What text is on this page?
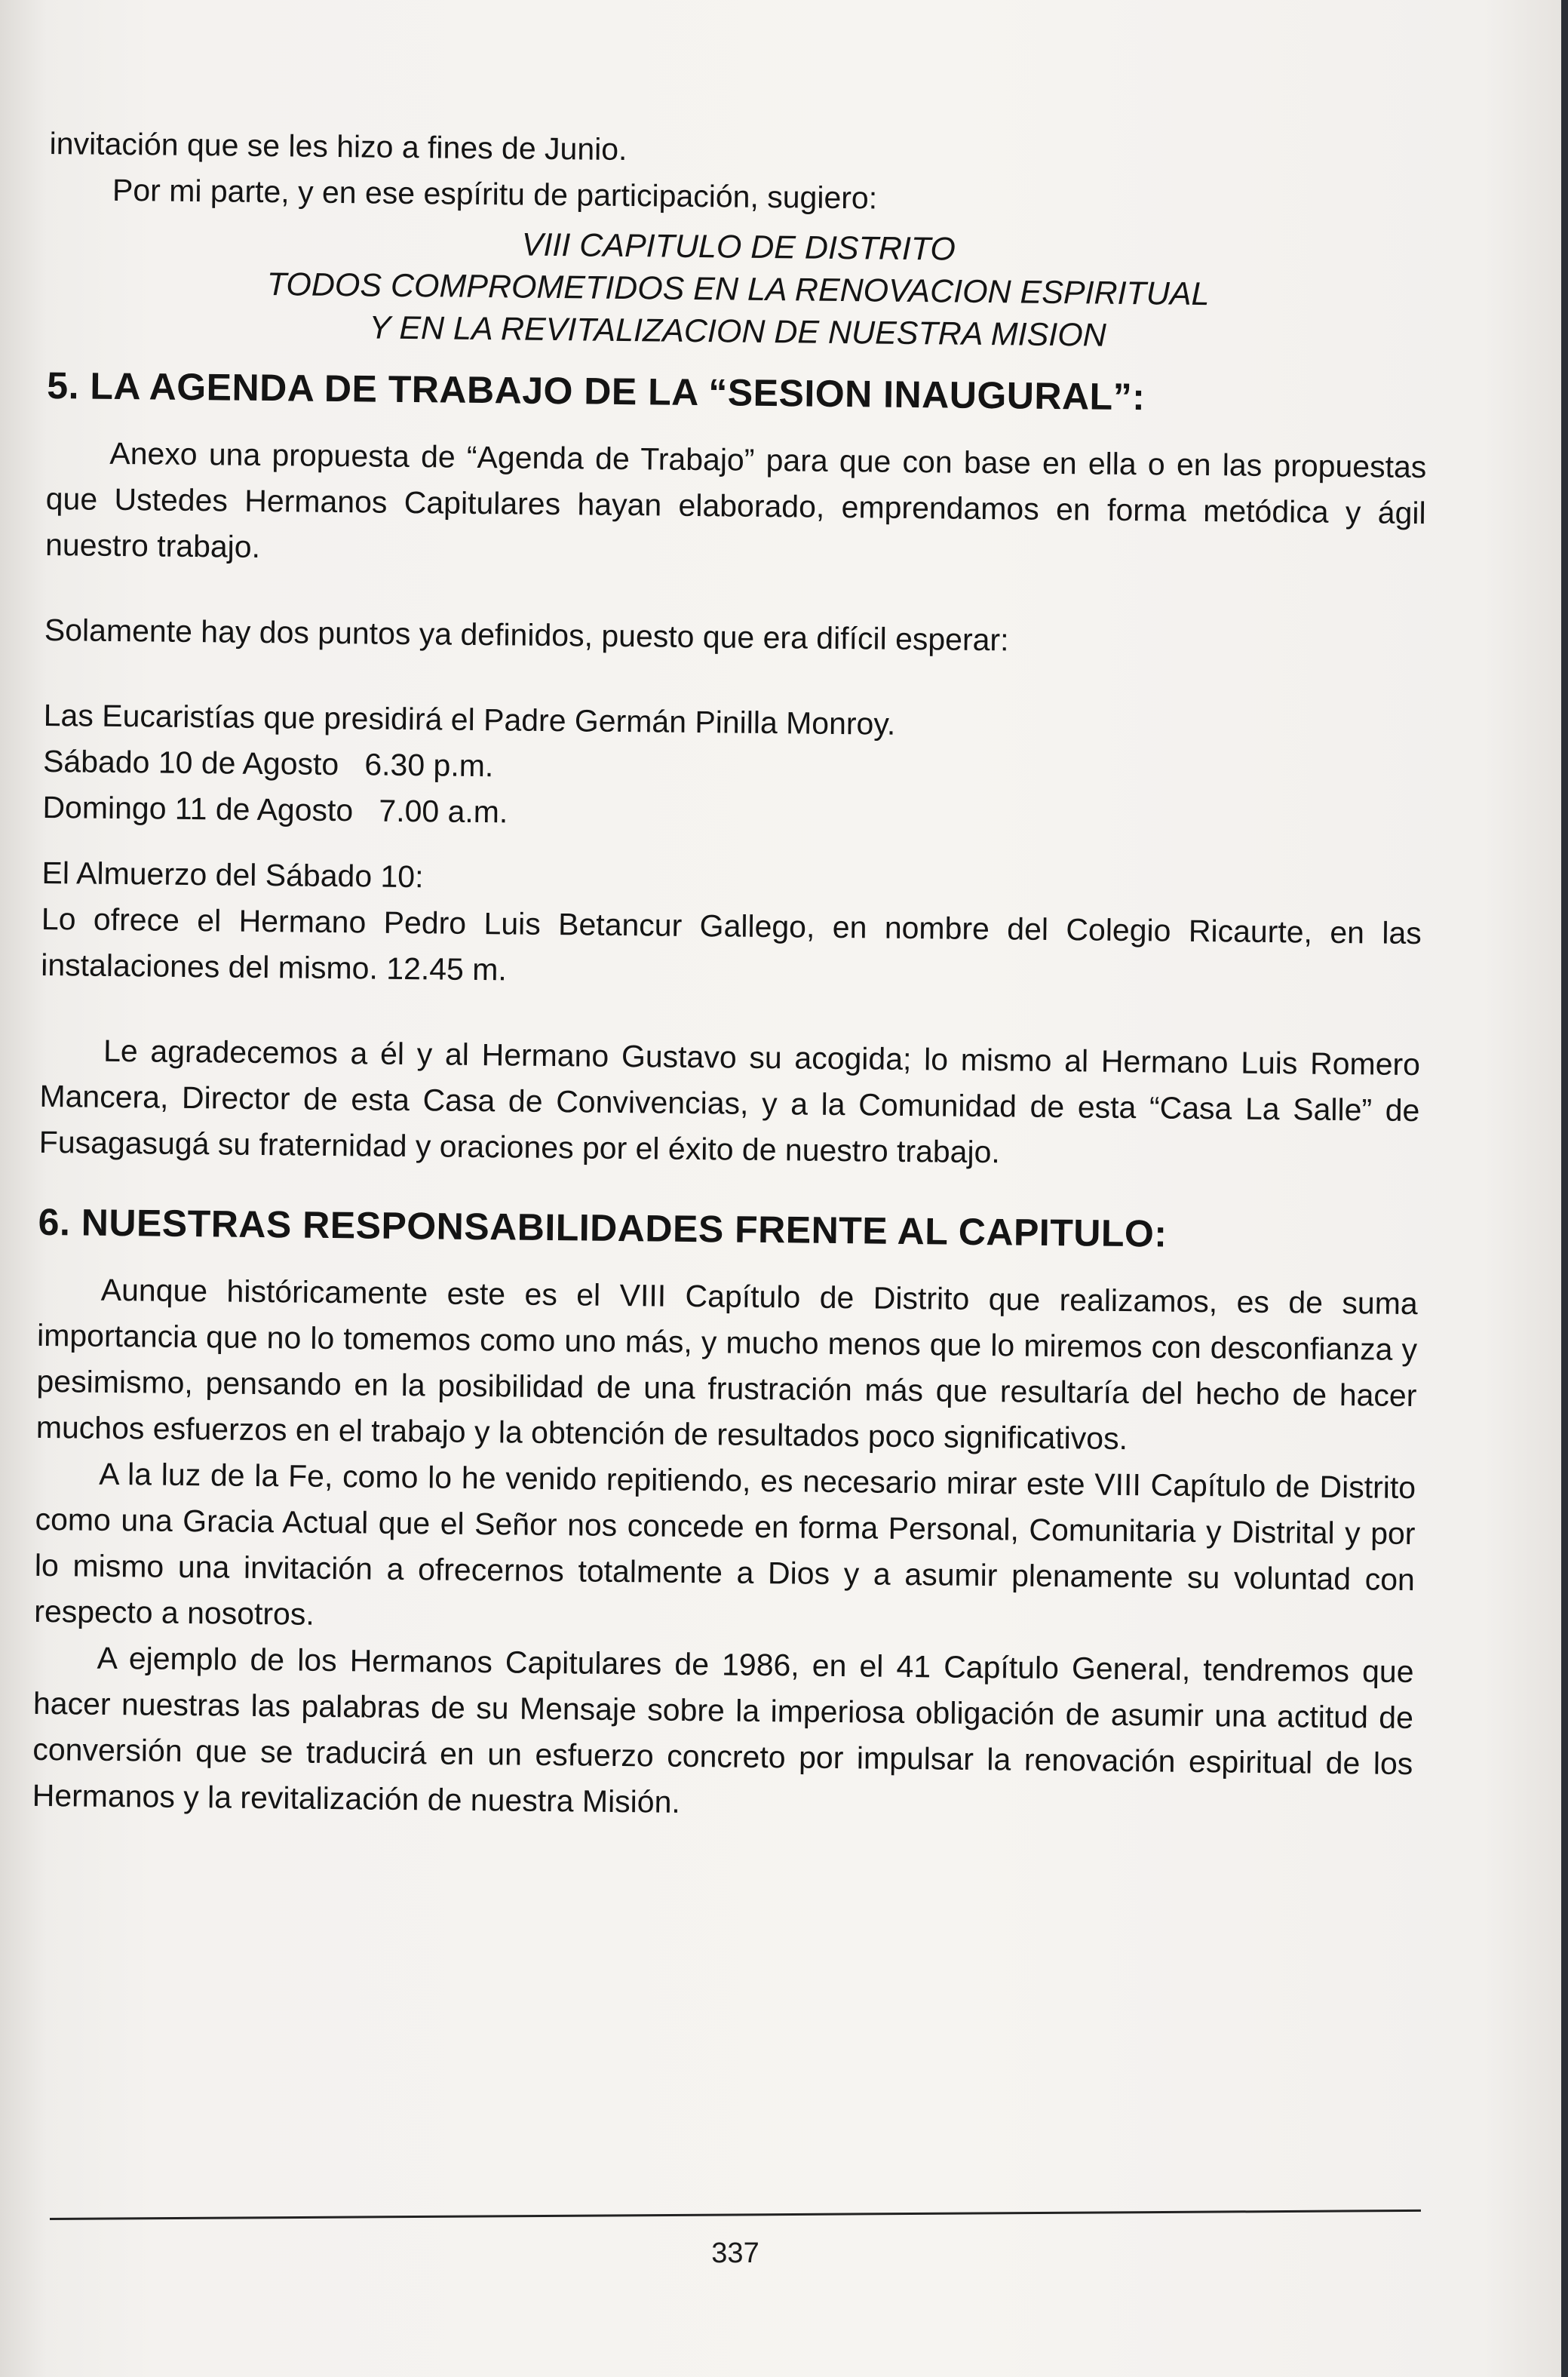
invitación que se les hizo a fines de Junio.

Por mi parte, y en ese espíritu de participación, sugiero:

VIII CAPITULO DE DISTRITO
TODOS COMPROMETIDOS EN LA RENOVACION ESPIRITUAL
Y EN LA REVITALIZACION DE NUESTRA MISION
5. LA AGENDA DE TRABAJO DE LA “SESION INAUGURAL”:

Anexo una propuesta de “Agenda de Trabajo” para que con base en ella o en las propuestas que Ustedes Hermanos Capitulares hayan elaborado, emprendamos en forma metódica y ágil nuestro trabajo.

Solamente hay dos puntos ya definidos, puesto que era difícil esperar:

Las Eucaristías que presidirá el Padre Germán Pinilla Monroy.
Sábado 10 de Agosto   6.30 p.m.
Domingo 11 de Agosto   7.00 a.m.
El Almuerzo del Sábado 10:

Lo ofrece el Hermano Pedro Luis Betancur Gallego, en nombre del Colegio Ricaurte, en las instalaciones del mismo. 12.45 m.

Le agradecemos a él y al Hermano Gustavo su acogida; lo mismo al Hermano Luis Romero Mancera, Director de esta Casa de Convivencias, y a la Comunidad de esta “Casa La Salle” de Fusagasugá su fraternidad y oraciones por el éxito de nuestro trabajo.

6. NUESTRAS RESPONSABILIDADES FRENTE AL CAPITULO:

Aunque históricamente este es el VIII Capítulo de Distrito que realizamos, es de suma importancia que no lo tomemos como uno más, y mucho menos que lo miremos con desconfianza y pesimismo, pensando en la posibilidad de una frustración más que resultaría del hecho de hacer muchos esfuerzos en el trabajo y la obtención de resultados poco significativos.

A la luz de la Fe, como lo he venido repitiendo, es necesario mirar este VIII Capítulo de Distrito como una Gracia Actual que el Señor nos concede en forma Personal, Comunitaria y Distrital y por lo mismo una invitación a ofrecernos totalmente a Dios y a asumir plenamente su voluntad con respecto a nosotros.

A ejemplo de los Hermanos Capitulares de 1986, en el 41 Capítulo General, tendremos que hacer nuestras las palabras de su Mensaje sobre la imperiosa obligación de asumir una actitud de conversión que se traducirá en un esfuerzo concreto por impulsar la renovación espiritual de los Hermanos y la revitalización de nuestra Misión.

337
